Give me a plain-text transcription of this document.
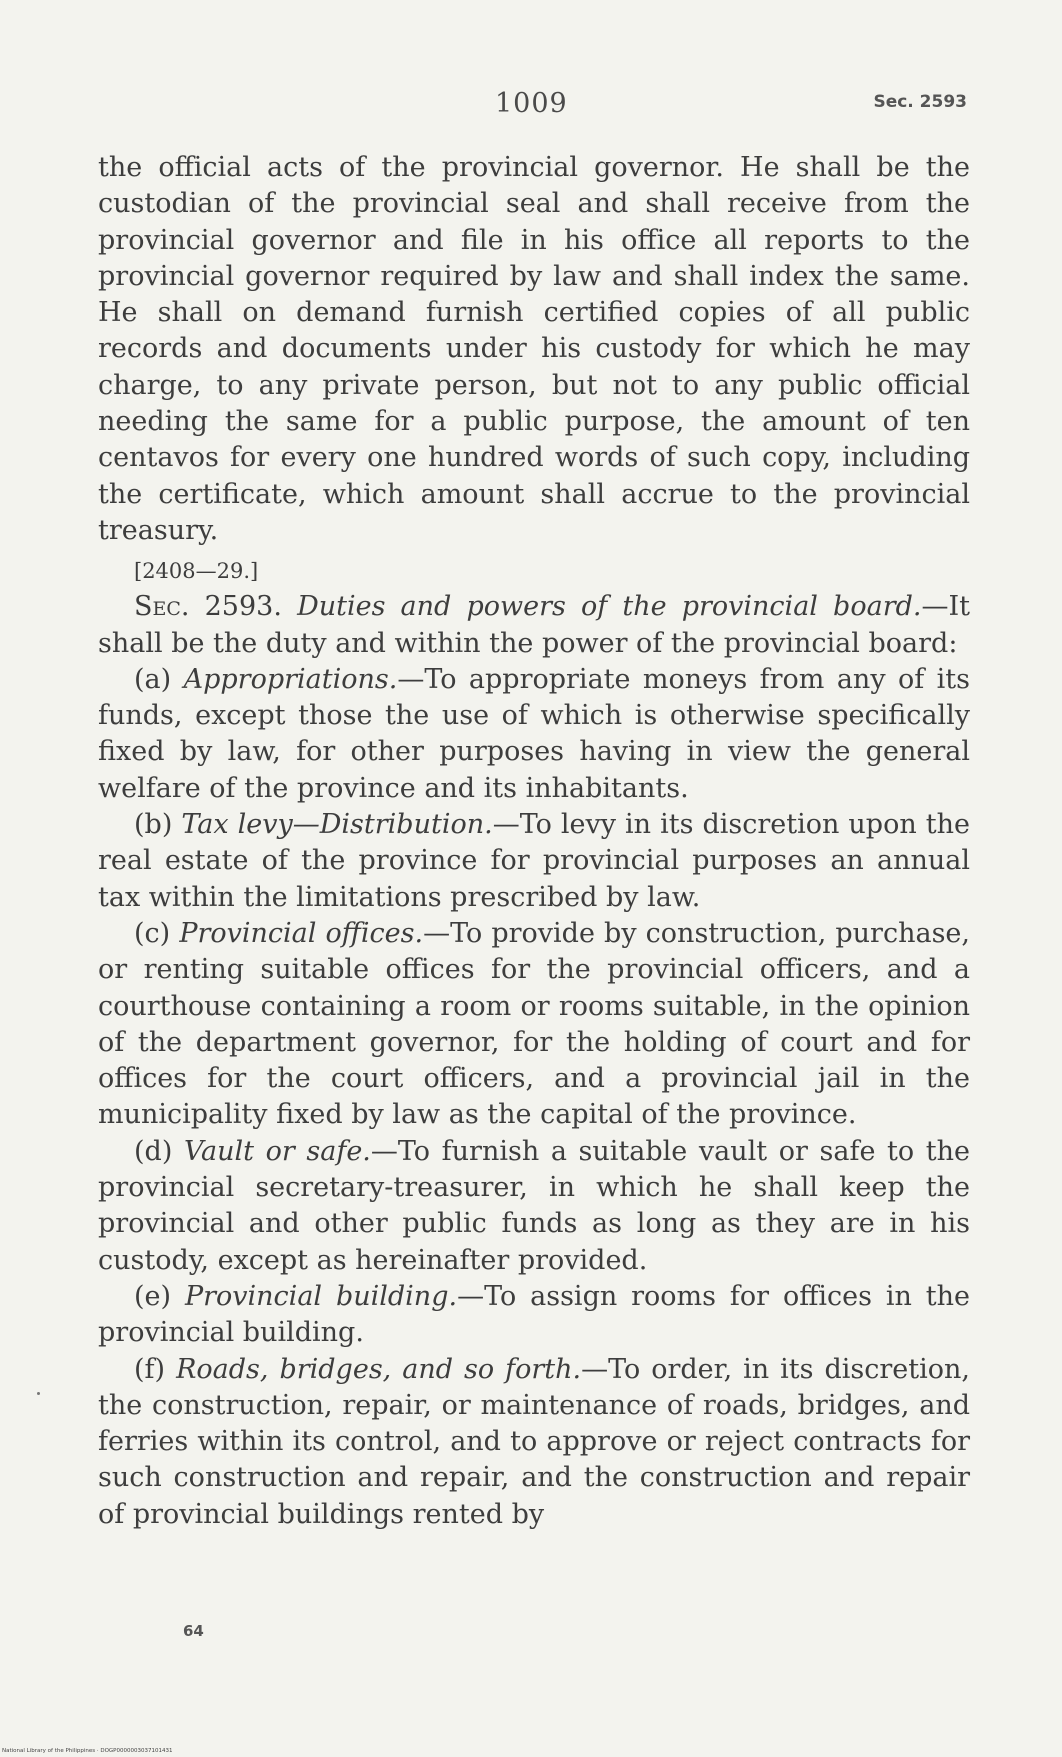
1009	Sec. 2593

the official acts of the provincial governor. He shall be the custodian of the provincial seal and shall receive from the provincial governor and file in his office all reports to the provincial governor required by law and shall index the same. He shall on demand furnish certified copies of all public records and documents under his custody for which he may charge, to any private person, but not to any public official needing the same for a public purpose, the amount of ten centavos for every one hundred words of such copy, including the certificate, which amount shall accrue to the provincial treasury.

[2408—29.]

Sec. 2593. Duties and powers of the provincial board.—It shall be the duty and within the power of the provincial board:

(a) Appropriations.—To appropriate moneys from any of its funds, except those the use of which is otherwise specifically fixed by law, for other purposes having in view the general welfare of the province and its inhabitants.

(b) Tax levy—Distribution.—To levy in its discretion upon the real estate of the province for provincial purposes an annual tax within the limitations prescribed by law.

(c) Provincial offices.—To provide by construction, purchase, or renting suitable offices for the provincial officers, and a courthouse containing a room or rooms suitable, in the opinion of the department governor, for the holding of court and for offices for the court officers, and a provincial jail in the municipality fixed by law as the capital of the province.

(d) Vault or safe.—To furnish a suitable vault or safe to the provincial secretary-treasurer, in which he shall keep the provincial and other public funds as long as they are in his custody, except as hereinafter provided.

(e) Provincial building.—To assign rooms for offices in the provincial building.

(f) Roads, bridges, and so forth.—To order, in its discretion, the construction, repair, or maintenance of roads, bridges, and ferries within its control, and to approve or reject contracts for such construction and repair, and the construction and repair of provincial buildings rented by

64
National Library of the Philippines · DOGP0000003037101431
